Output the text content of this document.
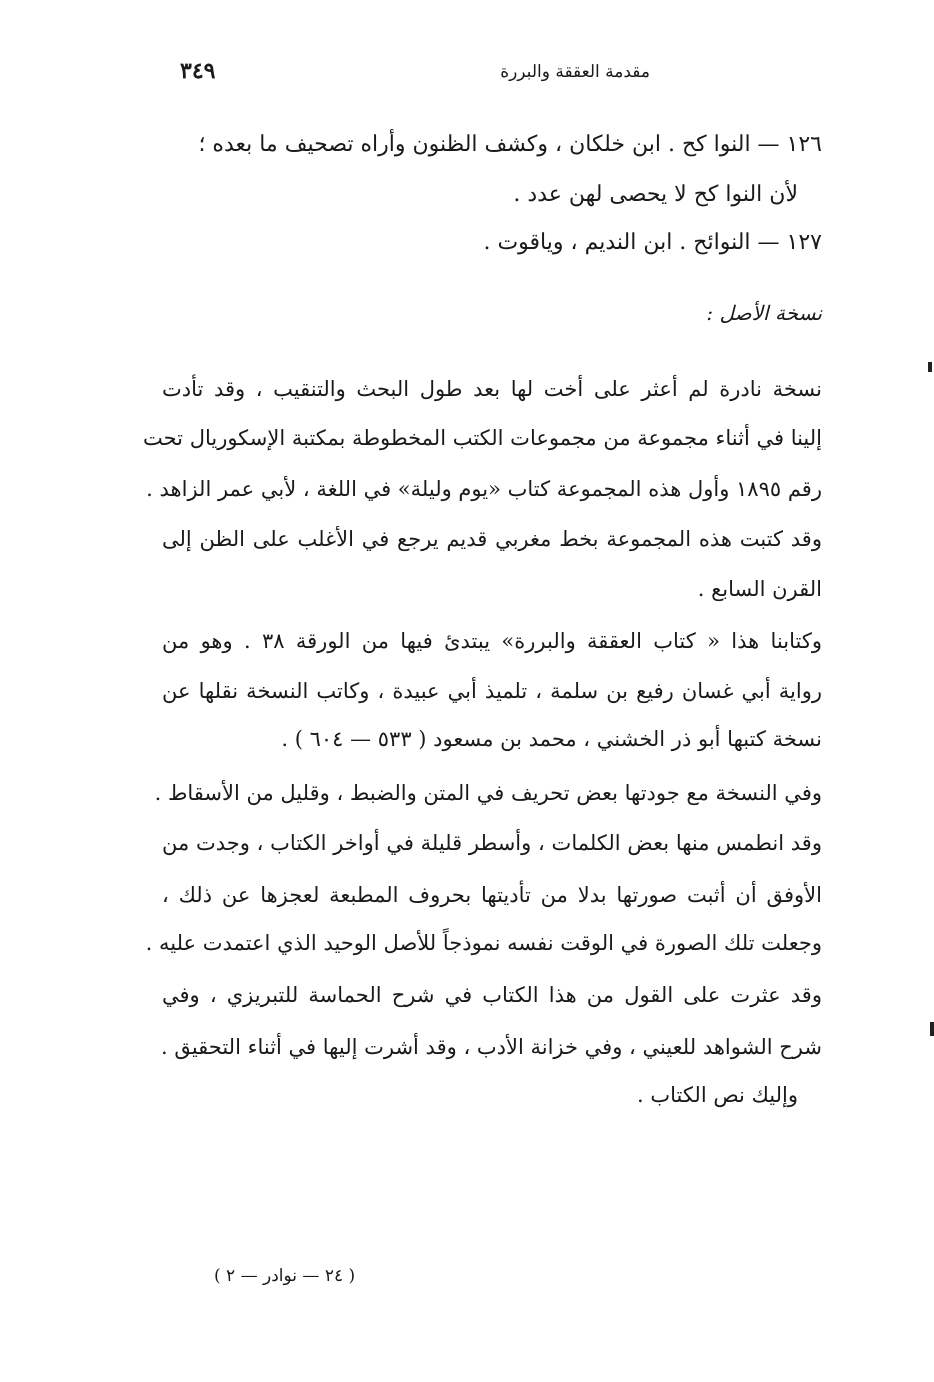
٣٤٩	مقدمة العققة والبررة
١٢٦ — النوا كح . ابن خلكان ، وكشف الظنون وأراه تصحيف ما بعده ؛
لأن النوا كح لا يحصى لهن عدد .
١٢٧ — النوائح . ابن النديم ، وياقوت .
نسخة الأصل :
نسخة نادرة لم أعثر على أخت لها بعد طول البحث والتنقيب ، وقد تأدت
إلينا في أثناء مجموعة من مجموعات الكتب المخطوطة بمكتبة الإسكوريال تحت
رقم ١٨٩٥ وأول هذه المجموعة كتاب «يوم وليلة» في اللغة ، لأبي عمر الزاهد .
وقد كتبت هذه المجموعة بخط مغربي قديم يرجع في الأغلب على الظن إلى
القرن السابع .
وكتابنا هذا « كتاب العققة والبررة» يبتدئ فيها من الورقة ٣٨ . وهو من
رواية أبي غسان رفيع بن سلمة ، تلميذ أبي عبيدة ، وكاتب النسخة نقلها عن
نسخة كتبها أبو ذر الخشني ، محمد بن مسعود ( ٥٣٣ — ٦٠٤ ) .
وفي النسخة مع جودتها بعض تحريف في المتن والضبط ، وقليل من الأسقاط .
وقد انطمس منها بعض الكلمات ، وأسطر قليلة في أواخر الكتاب ، وجدت من
الأوفق أن أثبت صورتها بدلا من تأديتها بحروف المطبعة لعجزها عن ذلك ،
وجعلت تلك الصورة في الوقت نفسه نموذجاً للأصل الوحيد الذي اعتمدت عليه .
وقد عثرت على القول من هذا الكتاب في شرح الحماسة للتبريزي ، وفي
شرح الشواهد للعيني ، وفي خزانة الأدب ، وقد أشرت إليها في أثناء التحقيق .
وإليك نص الكتاب .
( ٢٤ — نوادر — ٢ )
